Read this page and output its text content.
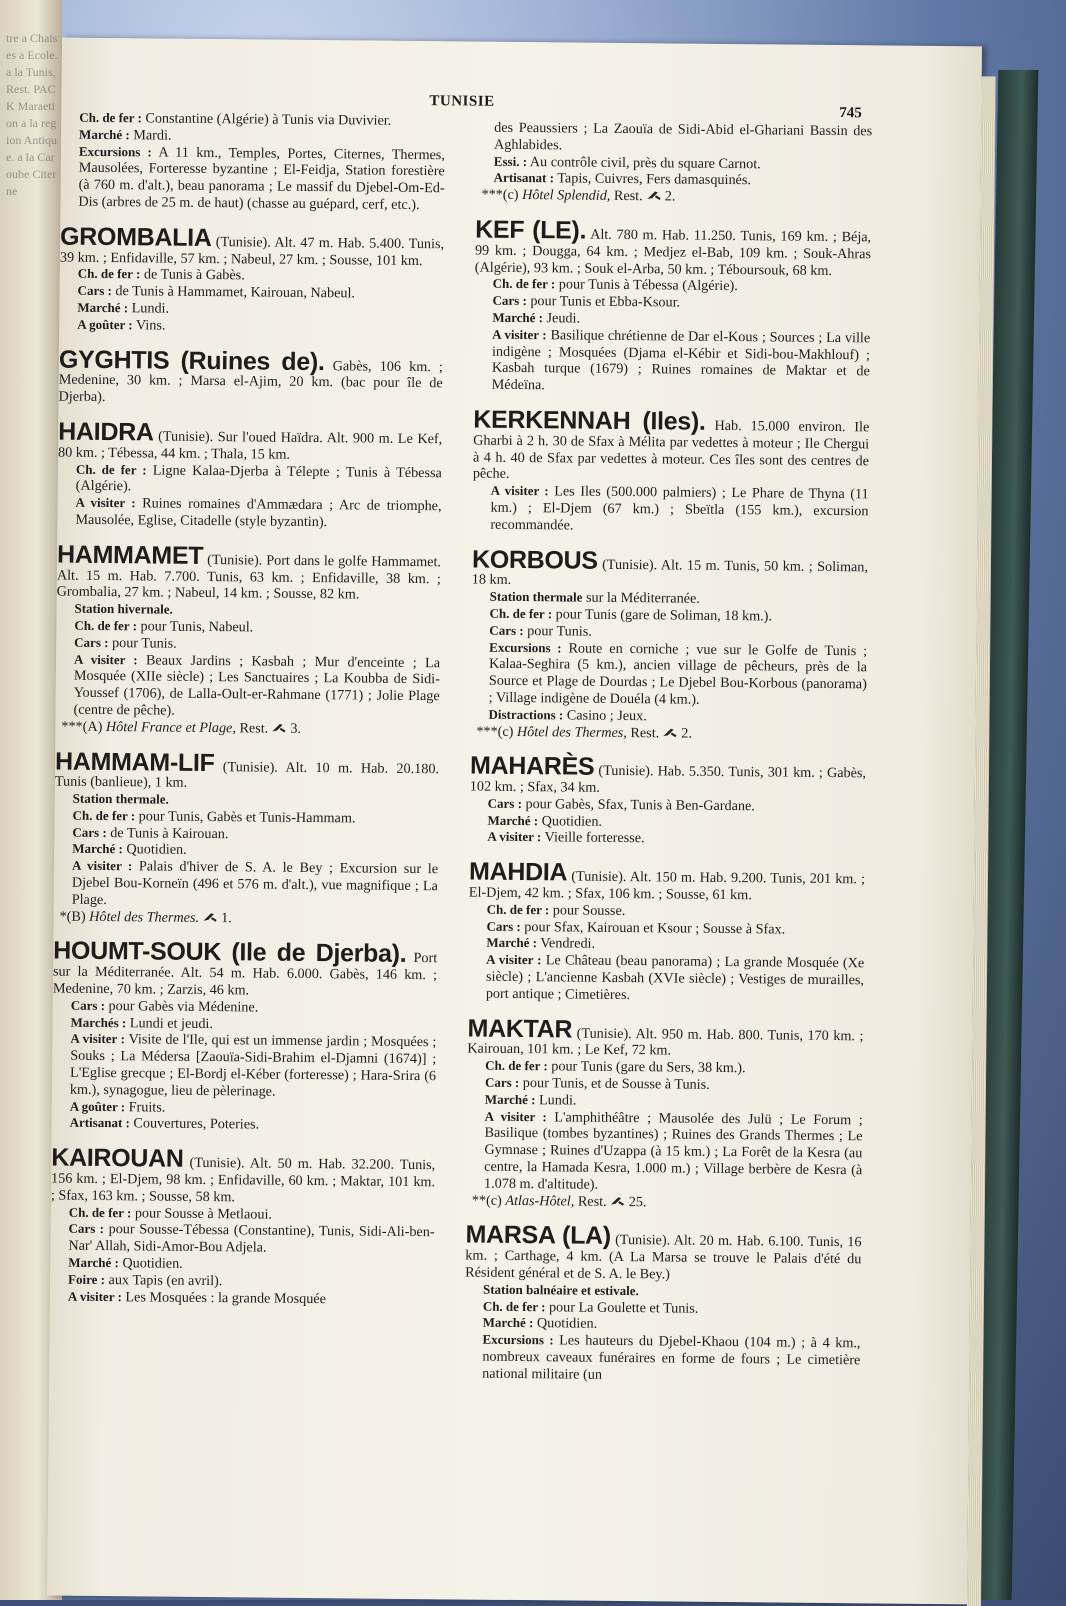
tre a Chaises a Ecole. a la Tunis, Rest. PACK Maraetion a la region Antique. a la Caroube Citerne
TUNISIE
745

Ch. de fer : Constantine (Algérie) à Tunis via Duvivier.

Marché : Mardi.

Excursions : A 11 km., Temples, Portes, Citernes, Thermes, Mausolées, Forteresse byzantine ; El-Feidja, Station forestière (à 760 m. d'alt.), beau panorama ; Le massif du Djebel-Om-Ed-Dis (arbres de 25 m. de haut) (chasse au guépard, cerf, etc.).

GROMBALIA (Tunisie). Alt. 47 m. Hab. 5.400. Tunis, 39 km. ; Enfidaville, 57 km. ; Nabeul, 27 km. ; Sousse, 101 km.

Ch. de fer : de Tunis à Gabès.

Cars : de Tunis à Hammamet, Kairouan, Nabeul.

Marché : Lundi.

A goûter : Vins.

GYGHTIS (Ruines de). Gabès, 106 km. ; Medenine, 30 km. ; Marsa el-Ajim, 20 km. (bac pour île de Djerba).

HAIDRA (Tunisie). Sur l'oued Haïdra. Alt. 900 m. Le Kef, 80 km. ; Tébessa, 44 km. ; Thala, 15 km.

Ch. de fer : Ligne Kalaa-Djerba à Télepte ; Tunis à Tébessa (Algérie).

A visiter : Ruines romaines d'Ammædara ; Arc de triomphe, Mausolée, Eglise, Citadelle (style byzantin).

HAMMAMET (Tunisie). Port dans le golfe Hammamet. Alt. 15 m. Hab. 7.700. Tunis, 63 km. ; Enfidaville, 38 km. ; Grombalia, 27 km. ; Nabeul, 14 km. ; Sousse, 82 km.

Station hivernale.

Ch. de fer : pour Tunis, Nabeul.

Cars : pour Tunis.

A visiter : Beaux Jardins ; Kasbah ; Mur d'enceinte ; La Mosquée (XIIe siècle) ; Les Sanctuaires ; La Koubba de Sidi-Youssef (1706), de Lalla-Oult-er-Rahmane (1771) ; Jolie Plage (centre de pêche).

***(A) Hôtel France et Plage, Rest. 3.

HAMMAM-LIF (Tunisie). Alt. 10 m. Hab. 20.180. Tunis (banlieue), 1 km.

Station thermale.

Ch. de fer : pour Tunis, Gabès et Tunis-Hammam.

Cars : de Tunis à Kairouan.

Marché : Quotidien.

A visiter : Palais d'hiver de S. A. le Bey ; Excursion sur le Djebel Bou-Korneïn (496 et 576 m. d'alt.), vue magnifique ; La Plage.

*(B) Hôtel des Thermes. 1.

HOUMT-SOUK (Ile de Djerba). Port sur la Méditerranée. Alt. 54 m. Hab. 6.000. Gabès, 146 km. ; Medenine, 70 km. ; Zarzis, 46 km.

Cars : pour Gabès via Médenine.

Marchés : Lundi et jeudi.

A visiter : Visite de l'Ile, qui est un immense jardin ; Mosquées ; Souks ; La Médersa [Zaouïa-Sidi-Brahim el-Djamni (1674)] ; L'Eglise grecque ; El-Bordj el-Kéber (forteresse) ; Hara-Srira (6 km.), synagogue, lieu de pèlerinage.

A goûter : Fruits.

Artisanat : Couvertures, Poteries.

KAIROUAN (Tunisie). Alt. 50 m. Hab. 32.200. Tunis, 156 km. ; El-Djem, 98 km. ; Enfidaville, 60 km. ; Maktar, 101 km. ; Sfax, 163 km. ; Sousse, 58 km.

Ch. de fer : pour Sousse à Metlaoui.

Cars : pour Sousse-Tébessa (Constantine), Tunis, Sidi-Ali-ben-Nar' Allah, Sidi-Amor-Bou Adjela.

Marché : Quotidien.

Foire : aux Tapis (en avril).

A visiter : Les Mosquées : la grande Mosquée

des Peaussiers ; La Zaouïa de Sidi-Abid el-Ghariani Bassin des Aghlabides.

Essi. : Au contrôle civil, près du square Carnot.

Artisanat : Tapis, Cuivres, Fers damasquinés.

***(c) Hôtel Splendid, Rest. 2.

KEF (LE). Alt. 780 m. Hab. 11.250. Tunis, 169 km. ; Béja, 99 km. ; Dougga, 64 km. ; Medjez el-Bab, 109 km. ; Souk-Ahras (Algérie), 93 km. ; Souk el-Arba, 50 km. ; Téboursouk, 68 km.

Ch. de fer : pour Tunis à Tébessa (Algérie).

Cars : pour Tunis et Ebba-Ksour.

Marché : Jeudi.

A visiter : Basilique chrétienne de Dar el-Kous ; Sources ; La ville indigène ; Mosquées (Djama el-Kébir et Sidi-bou-Makhlouf) ; Kasbah turque (1679) ; Ruines romaines de Maktar et de Médeïna.

KERKENNAH (Iles). Hab. 15.000 environ. Ile Gharbi à 2 h. 30 de Sfax à Mélita par vedettes à moteur ; Ile Chergui à 4 h. 40 de Sfax par vedettes à moteur. Ces îles sont des centres de pêche.

A visiter : Les Iles (500.000 palmiers) ; Le Phare de Thyna (11 km.) ; El-Djem (67 km.) ; Sbeïtla (155 km.), excursion recommandée.

KORBOUS (Tunisie). Alt. 15 m. Tunis, 50 km. ; Soliman, 18 km.

Station thermale sur la Méditerranée.

Ch. de fer : pour Tunis (gare de Soliman, 18 km.).

Cars : pour Tunis.

Excursions : Route en corniche ; vue sur le Golfe de Tunis ; Kalaa-Seghira (5 km.), ancien village de pêcheurs, près de la Source et Plage de Dourdas ; Le Djebel Bou-Korbous (panorama) ; Village indigène de Douéla (4 km.).

Distractions : Casino ; Jeux.

***(c) Hôtel des Thermes, Rest. 2.

MAHARÈS (Tunisie). Hab. 5.350. Tunis, 301 km. ; Gabès, 102 km. ; Sfax, 34 km.

Cars : pour Gabès, Sfax, Tunis à Ben-Gardane.

Marché : Quotidien.

A visiter : Vieille forteresse.

MAHDIA (Tunisie). Alt. 150 m. Hab. 9.200. Tunis, 201 km. ; El-Djem, 42 km. ; Sfax, 106 km. ; Sousse, 61 km.

Ch. de fer : pour Sousse.

Cars : pour Sfax, Kairouan et Ksour ; Sousse à Sfax.

Marché : Vendredi.

A visiter : Le Château (beau panorama) ; La grande Mosquée (Xe siècle) ; L'ancienne Kasbah (XVIe siècle) ; Vestiges de murailles, port antique ; Cimetières.

MAKTAR (Tunisie). Alt. 950 m. Hab. 800. Tunis, 170 km. ; Kairouan, 101 km. ; Le Kef, 72 km.

Ch. de fer : pour Tunis (gare du Sers, 38 km.).

Cars : pour Tunis, et de Sousse à Tunis.

Marché : Lundi.

A visiter : L'amphithéâtre ; Mausolée des Julü ; Le Forum ; Basilique (tombes byzantines) ; Ruines des Grands Thermes ; Le Gymnase ; Ruines d'Uzappa (à 15 km.) ; La Forêt de la Kesra (au centre, la Hamada Kesra, 1.000 m.) ; Village berbère de Kesra (à 1.078 m. d'altitude).

**(c) Atlas-Hôtel, Rest. 25.

MARSA (LA) (Tunisie). Alt. 20 m. Hab. 6.100. Tunis, 16 km. ; Carthage, 4 km. (A La Marsa se trouve le Palais d'été du Résident général et de S. A. le Bey.)

Station balnéaire et estivale.

Ch. de fer : pour La Goulette et Tunis.

Marché : Quotidien.

Excursions : Les hauteurs du Djebel-Khaou (104 m.) ; à 4 km., nombreux caveaux funéraires en forme de fours ; Le cimetière national militaire (un
